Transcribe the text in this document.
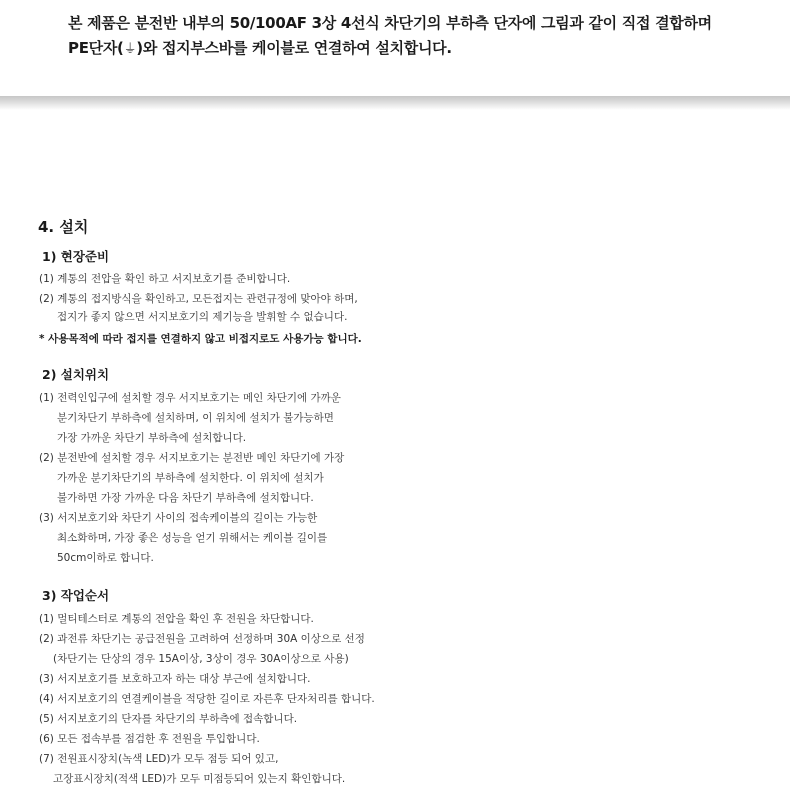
본 제품은 분전반 내부의 50/100AF 3상 4선식 차단기의 부하측 단자에 그림과 같이 직접 결합하며
PE단자(⏚)와 접지부스바를 케이블로 연결하여 설치합니다.
4. 설치
1) 현장준비
(1) 계통의 전압을 확인 하고 서지보호기를 준비합니다.
(2) 계통의 접지방식을 확인하고, 모든접지는 관련규정에 맞아야 하며,
접지가 좋지 않으면 서지보호기의 제기능을 발휘할 수 없습니다.
* 사용목적에 따라 접지를 연결하지 않고 비접지로도 사용가능 합니다.
2) 설치위치
(1) 전력인입구에 설치할 경우 서지보호기는 메인 차단기에 가까운
분기차단기 부하측에 설치하며, 이 위치에 설치가 불가능하면
가장 가까운 차단기 부하측에 설치합니다.
(2) 분전반에 설치할 경우 서지보호기는 분전반 메인 차단기에 가장
가까운 분기차단기의 부하측에 설치한다. 이 위치에 설치가
불가하면 가장 가까운 다음 차단기 부하측에 설치합니다.
(3) 서지보호기와 차단기 사이의 접속케이블의 길이는 가능한
최소화하며, 가장 좋은 성능을 얻기 위해서는 케이블 길이를
50cm이하로 합니다.
3) 작업순서
(1) 멀티테스터로 계통의 전압을 확인 후 전원을 차단합니다.
(2) 과전류 차단기는 공급전원을 고려하여 선정하며 30A 이상으로 선정
(차단기는 단상의 경우 15A이상, 3상이 경우 30A이상으로 사용)
(3) 서지보호기를 보호하고자 하는 대상 부근에 설치합니다.
(4) 서지보호기의 연결케이블을 적당한 길이로 자른후 단자처리를 합니다.
(5) 서지보호기의 단자를 차단기의 부하측에 접속합니다.
(6) 모든 접속부를 점검한 후 전원을 투입합니다.
(7) 전원표시장치(녹색 LED)가 모두 점등 되어 있고,
고장표시장치(적색 LED)가 모두 미점등되어 있는지 확인합니다.
